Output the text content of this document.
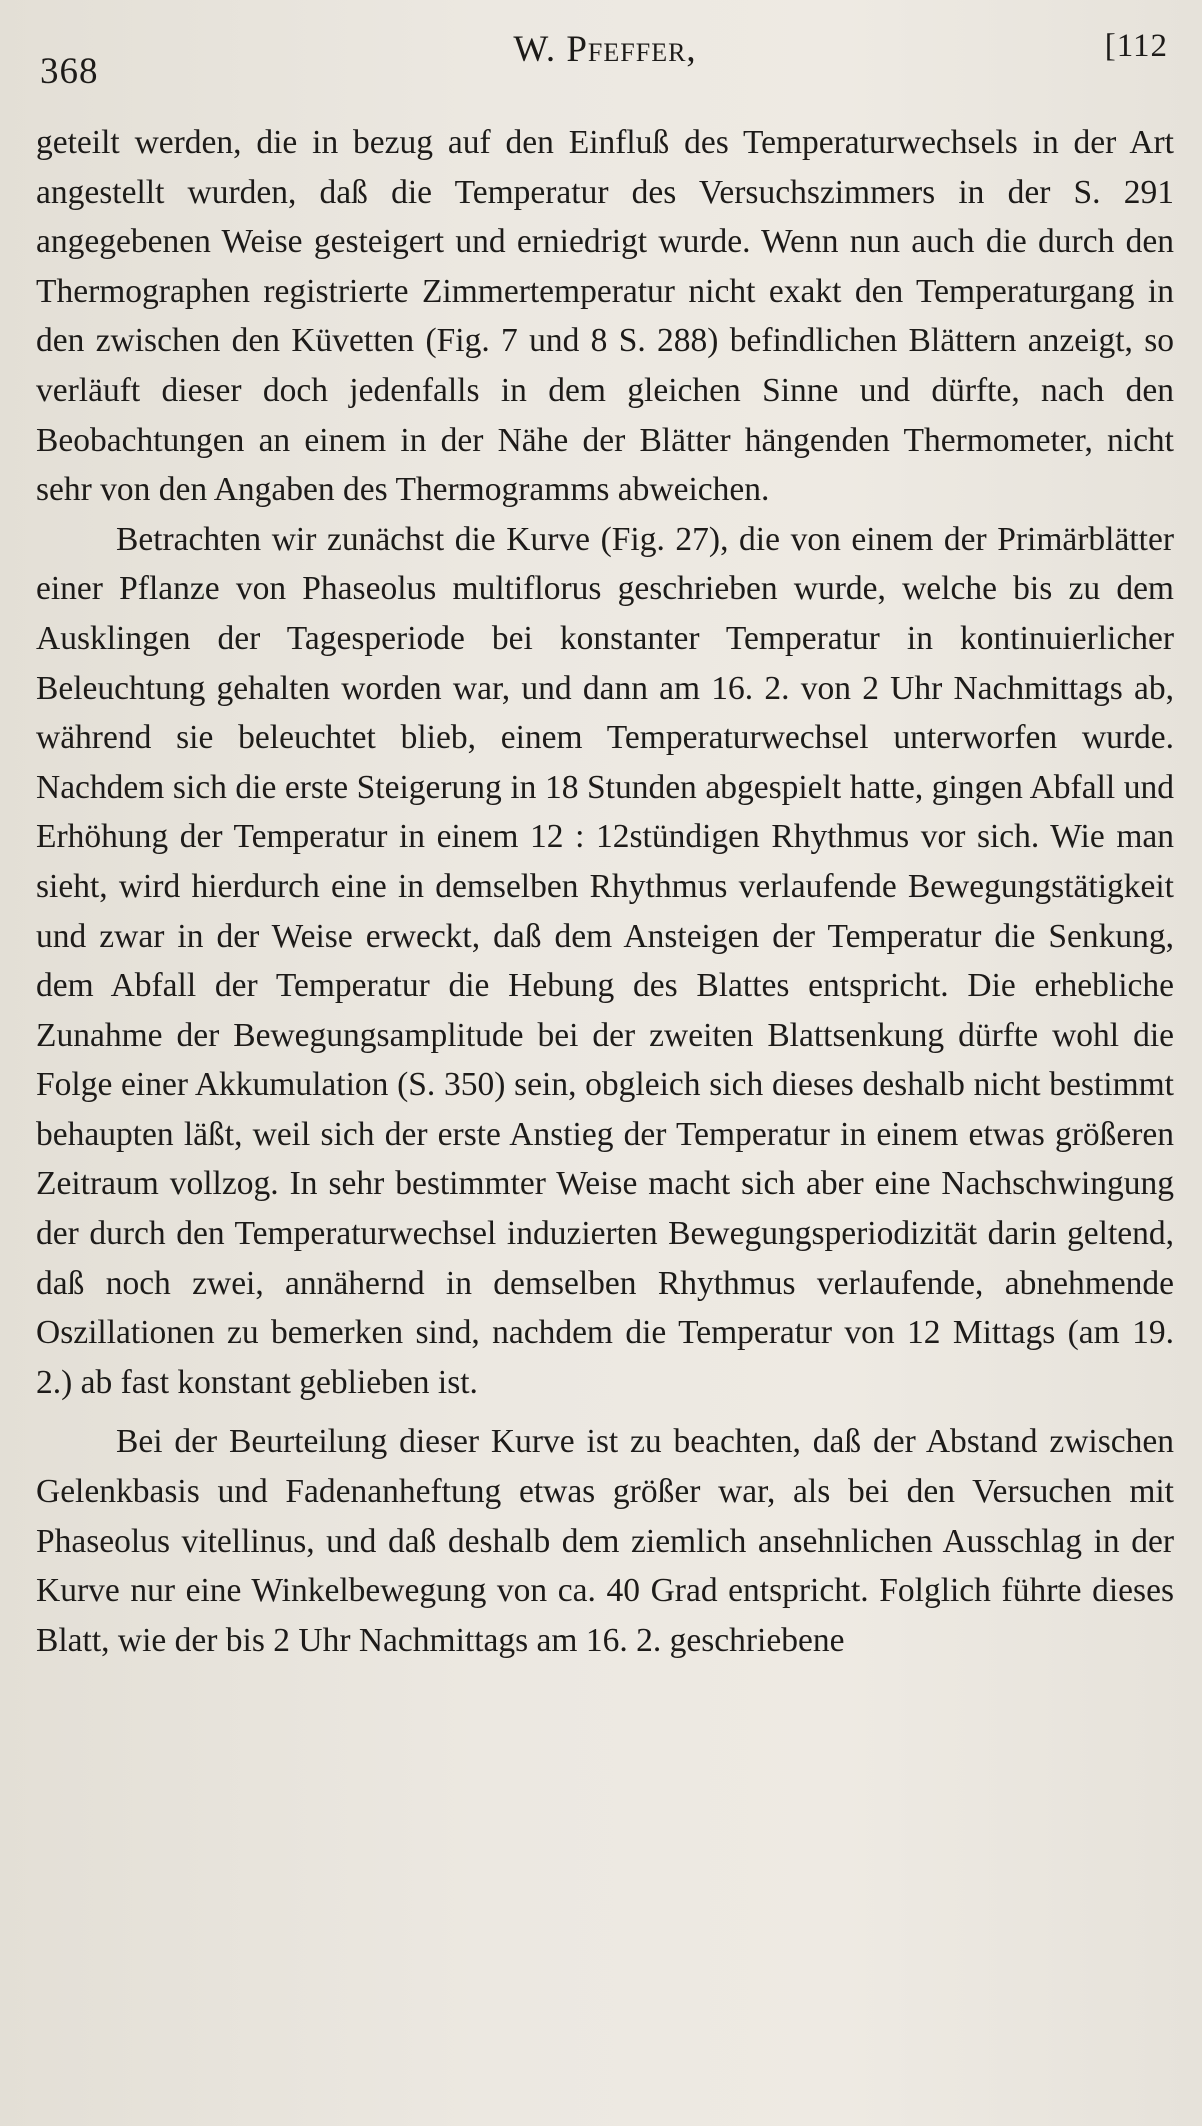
368
W. Pfeffer,	[112

geteilt werden, die in bezug auf den Einfluß des Temperaturwechsels in der Art angestellt wurden, daß die Temperatur des Versuchszimmers in der S. 291 angegebenen Weise gesteigert und erniedrigt wurde. Wenn nun auch die durch den Thermographen registrierte Zimmertemperatur nicht exakt den Temperaturgang in den zwischen den Küvetten (Fig. 7 und 8 S. 288) befindlichen Blättern anzeigt, so verläuft dieser doch jedenfalls in dem gleichen Sinne und dürfte, nach den Beobachtungen an einem in der Nähe der Blätter hängenden Thermometer, nicht sehr von den Angaben des Thermogramms abweichen.

Betrachten wir zunächst die Kurve (Fig. 27), die von einem der Primärblätter einer Pflanze von Phaseolus multiflorus geschrieben wurde, welche bis zu dem Ausklingen der Tagesperiode bei konstanter Temperatur in kontinuierlicher Beleuchtung gehalten worden war, und dann am 16. 2. von 2 Uhr Nachmittags ab, während sie beleuchtet blieb, einem Temperaturwechsel unterworfen wurde. Nachdem sich die erste Steigerung in 18 Stunden abgespielt hatte, gingen Abfall und Erhöhung der Temperatur in einem 12 : 12stündigen Rhythmus vor sich. Wie man sieht, wird hierdurch eine in demselben Rhythmus verlaufende Bewegungstätigkeit und zwar in der Weise erweckt, daß dem Ansteigen der Temperatur die Senkung, dem Abfall der Temperatur die Hebung des Blattes entspricht. Die erhebliche Zunahme der Bewegungsamplitude bei der zweiten Blattsenkung dürfte wohl die Folge einer Akkumulation (S. 350) sein, obgleich sich dieses deshalb nicht bestimmt behaupten läßt, weil sich der erste Anstieg der Temperatur in einem etwas größeren Zeitraum vollzog. In sehr bestimmter Weise macht sich aber eine Nachschwingung der durch den Temperaturwechsel induzierten Bewegungsperiodizität darin geltend, daß noch zwei, annähernd in demselben Rhythmus verlaufende, abnehmende Oszillationen zu bemerken sind, nachdem die Temperatur von 12 Mittags (am 19. 2.) ab fast konstant geblieben ist.

Bei der Beurteilung dieser Kurve ist zu beachten, daß der Abstand zwischen Gelenkbasis und Fadenanheftung etwas größer war, als bei den Versuchen mit Phaseolus vitellinus, und daß deshalb dem ziemlich ansehnlichen Ausschlag in der Kurve nur eine Winkelbewegung von ca. 40 Grad entspricht. Folglich führte dieses Blatt, wie der bis 2 Uhr Nachmittags am 16. 2. geschriebene
